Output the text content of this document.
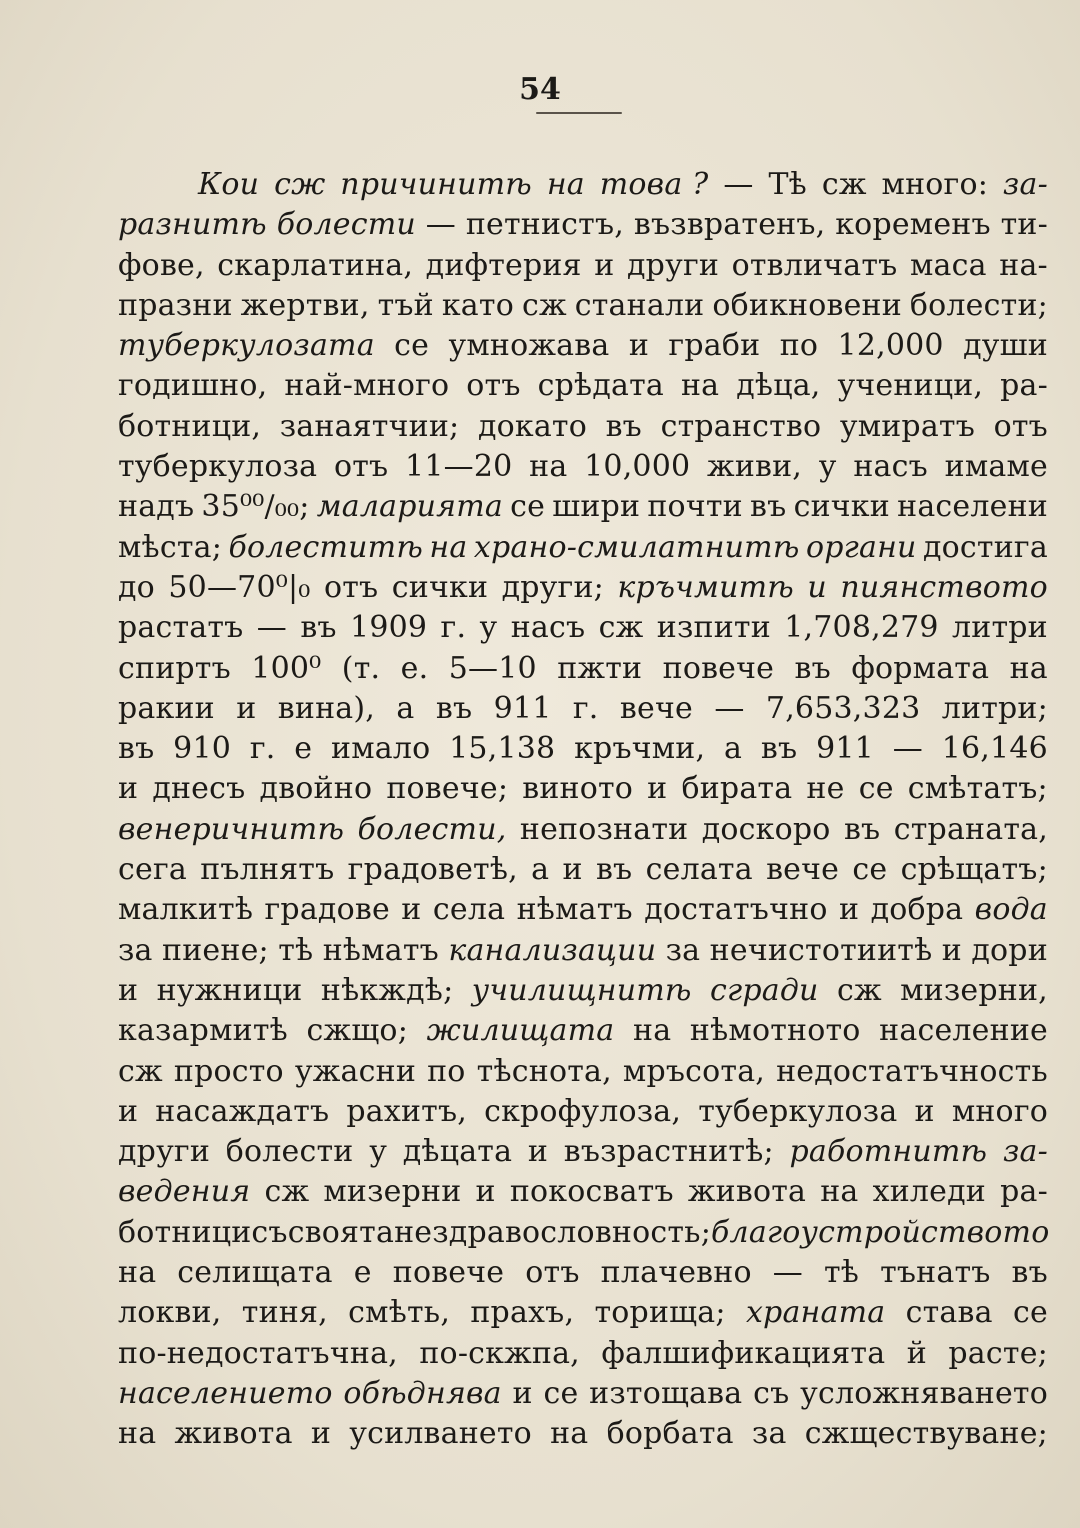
54
Кои сж причинитѣ на това ? — Тѣ сж много: за-
разнитѣ болести — петнистъ, възвратенъ, коременъ ти-
фове, скарлатина, дифтерия и други отвличатъ маса на-
празни жертви, тъй като сж станали обикновени болести;
туберкулозата се умножава и граби по 12,000 души
годишно, най-много отъ срѣдата на дѣца, ученици, ра-
ботници, занаятчии; докато въ странство умиратъ отъ
туберкулоза отъ 11—20 на 10,000 живи, у насъ имаме
надъ 35⁰⁰/₀₀; маларията се шири почти въ сички населени
мѣста; болеститѣ на храно-смилатнитѣ органи достига
до 50—70⁰|₀ отъ сички други; кръчмитѣ и пиянството
растатъ — въ 1909 г. у насъ сж изпити 1,708,279 литри
спиртъ 100⁰ (т. е. 5—10 пжти повече въ формата на
ракии и вина), а въ 911 г. вече — 7,653,323 литри;
въ 910 г. е имало 15,138 кръчми, а въ 911 — 16,146
и днесъ двойно повече; виното и бирата не се смѣтатъ;
венеричнитѣ болести, непознати доскоро въ страната,
сега пълнятъ градоветѣ, а и въ селата вече се срѣщатъ;
малкитѣ градове и села нѣматъ достатъчно и добра вода
за пиене; тѣ нѣматъ канализации за нечистотиитѣ и дори
и нужници нѣкждѣ; училищнитѣ сгради сж мизерни,
казармитѣ сжщо; жилищата на нѣмотното население
сж просто ужасни по тѣснота, мръсота, недостатъчность
и насаждатъ рахитъ, скрофулоза, туберкулоза и много
други болести у дѣцата и възрастнитѣ; работнитѣ за-
ведения сж мизерни и покосватъ живота на хиледи ра-
ботници съ своята нездравословность; благоустройството
на селищата е повече отъ плачевно — тѣ тънатъ въ
локви, тиня, смѣть, прахъ, торища; храната става се
по-недостатъчна, по-скжпа, фалшификацията й расте;
населението обѣднява и се изтощава съ усложняването
на живота и усилването на борбата за сжществуване;
